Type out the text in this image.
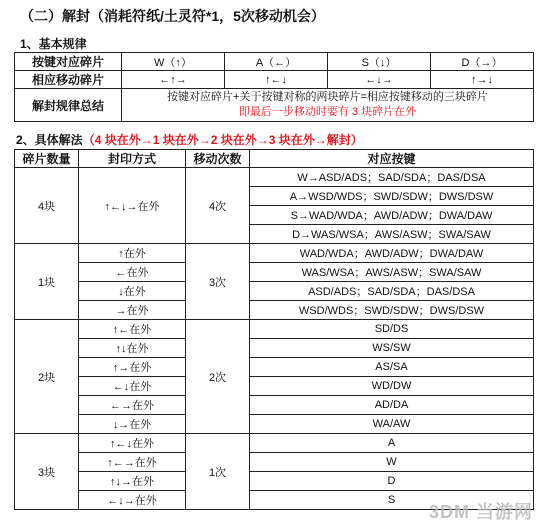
（二）解封（消耗符纸/土灵符*1，5次移动机会）
1、基本规律
按键对应碎片	W（↑）	A（←）	S（↓）	D（→）
相应移动碎片	←↑→	↑←↓	←↓→	↑→↓
解封规律总结	按键对应碎片+关于按键对称的两块碎片=相应按键移动的三块碎片
即最后一步移动时要有 3 块碎片在外			
2、具体解法（4 块在外→1 块在外→2 块在外→3 块在外→解封）
碎片数量	封印方式	移动次数	对应按键
4块	↑←↓→在外	4次	W→ASD/ADS；SAD/SDA；DAS/DSA
			A→WSD/WDS；SWD/SDW；DWS/DSW
			S→WAD/WDA；AWD/ADW；DWA/DAW
			D→WAS/WSA；AWS/ASW；SWA/SAW
1块	↑在外	3次	WAD/WDA；AWD/ADW；DWA/DAW
	←在外		WAS/WSA；AWS/ASW；SWA/SAW
	↓在外		ASD/ADS；SAD/SDA；DAS/DSA
	→在外		WSD/WDS；SWD/SDW；DWS/DSW
2块	↑←在外	2次	SD/DS
	↑↓在外		WS/SW
	↑→在外		AS/SA
	←↓在外		WD/DW
	←→在外		AD/DA
	↓→在外		WA/AW
3块	↑←↓在外	1次	A
	↑←→在外		W
	↑↓→在外		D
	←↓→在外		S
3DM 当游网
